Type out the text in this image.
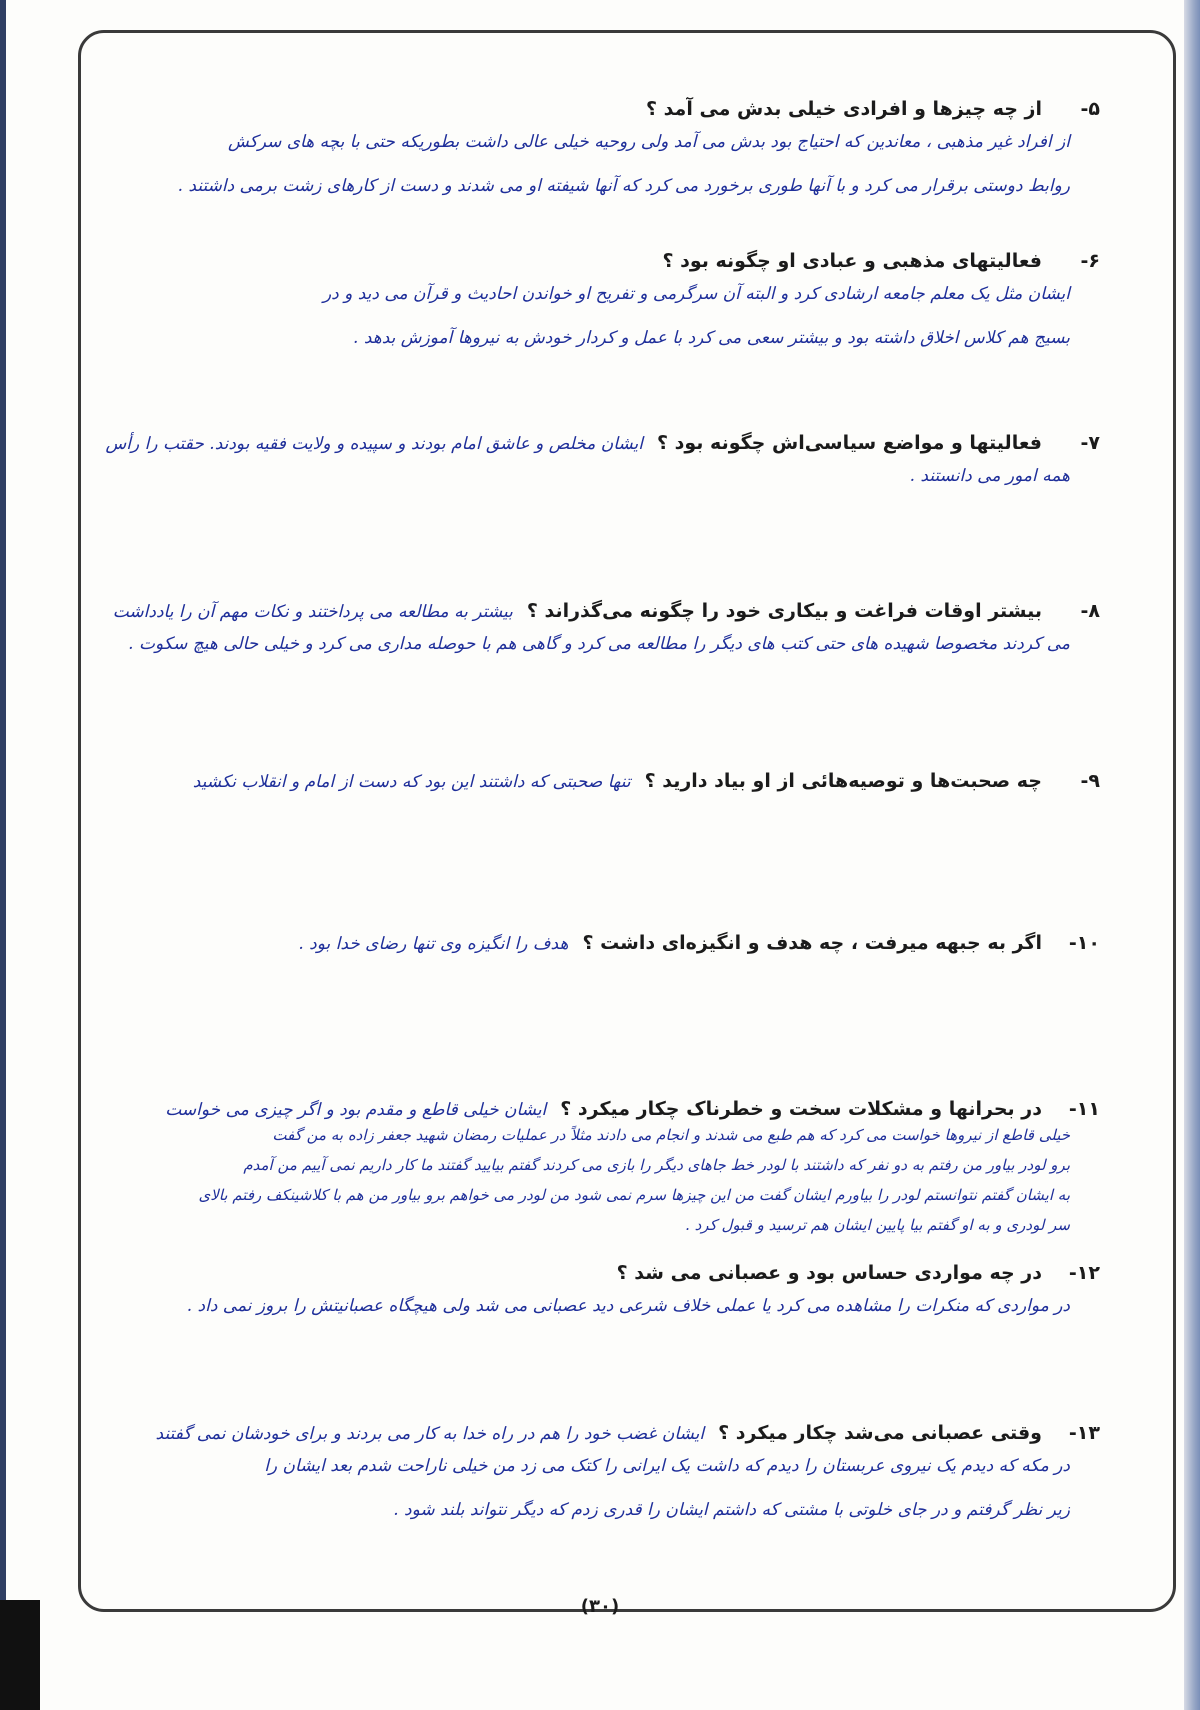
۵-
از چه چیزها و افرادی خیلی بدش می آمد ؟
از افراد غیر مذهبی ، معاندین که احتیاج بود بدش می آمد ولی روحیه خیلی عالی داشت بطوریکه حتی با بچه های سرکش
روابط دوستی برقرار می کرد و با آنها طوری برخورد می کرد که آنها شیفته او می شدند و دست از کارهای زشت برمی داشتند .
۶-
فعالیتهای مذهبی و عبادی او چگونه بود ؟
ایشان مثل یک معلم جامعه ارشادی کرد و البته آن سرگرمی و تفریح او خواندن احادیث و قرآن می دید و در
بسیج هم کلاس اخلاق داشته بود و بیشتر سعی می کرد با عمل و کردار خودش به نیروها آموزش بدهد .
۷-
فعالیتها و مواضع سیاسی‌اش چگونه بود ؟
ایشان مخلص و عاشق امام بودند و سپیده و ولایت فقیه بودند. حقتب را رأس
همه امور می دانستند .
۸-
بیشتر اوقات فراغت و بیکاری خود را چگونه می‌گذراند ؟
بیشتر به مطالعه می پرداختند و نکات مهم آن را یادداشت
می کردند مخصوصا شهیده های حتی کتب های دیگر را مطالعه می کرد و گاهی هم با حوصله مداری می کرد و خیلی حالی هیچ سکوت .
۹-
چه صحبت‌ها و توصیه‌هائی از او بیاد دارید ؟
تنها صحبتی که داشتند این بود که دست از امام و انقلاب نکشید
۱۰-
اگر به جبهه میرفت ، چه هدف و انگیزه‌ای داشت ؟
هدف را انگیزه وی تنها رضای خدا بود .
۱۱-
در بحرانها و مشکلات سخت و خطرناک چکار میکرد ؟
ایشان خیلی قاطع و مقدم بود و اگر چیزی می خواست
خیلی قاطع از نیروها خواست می کرد که هم طبع می شدند و انجام می دادند مثلاً در عملیات رمضان شهید جعفر زاده به من گفت
برو لودر بیاور من رفتم به دو نفر که داشتند با لودر خط جاهای دیگر را بازی می کردند گفتم بیایید گفتند ما کار داریم نمی آییم من آمدم
به ایشان گفتم نتوانستم لودر را بیاورم ایشان گفت من این چیزها سرم نمی شود من لودر می خواهم برو بیاور من هم با کلاشینکف رفتم بالای
سر لودری و به او گفتم بیا پایین ایشان هم ترسید و قبول کرد .
۱۲-
در چه مواردی حساس بود و عصبانی می شد ؟
در مواردی که منکرات را مشاهده می کرد یا عملی خلاف شرعی دید عصبانی می شد ولی هیچگاه عصبانیتش را بروز نمی داد .
۱۳-
وقتی عصبانی می‌شد چکار میکرد ؟
ایشان غضب خود را هم در راه خدا به کار می بردند و برای خودشان نمی گفتند
در مکه که دیدم یک نیروی عربستان را دیدم که داشت یک ایرانی را کتک می زد من خیلی ناراحت شدم بعد ایشان را
زیر نظر گرفتم و در جای خلوتی با مشتی که داشتم ایشان را قدری زدم که دیگر نتواند بلند شود .
(۳۰)
